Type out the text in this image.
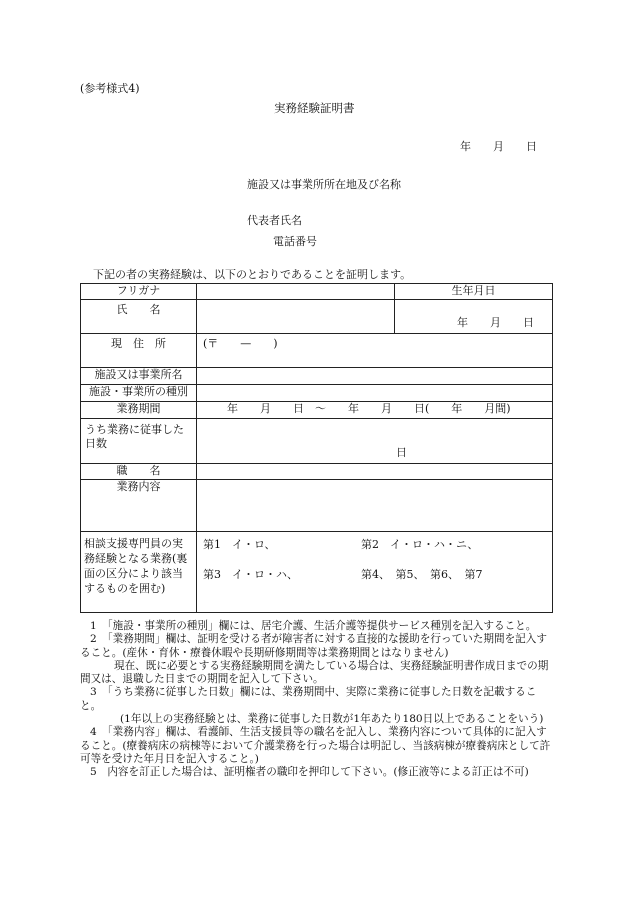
(参考様式4)
実務経験証明書
年　　月　　日
施設又は事業所所在地及び名称
代表者氏名
電話番号
下記の者の実務経験は、以下のとおりであることを証明します。
フリガナ		生年月日
氏　　名		年　　月　　日
現　住　所	(〒　　—　　)	
施設又は事業所名		
施設・事業所の種別		
業務期間	年　　月　　日　〜　　年　　月　　日(　　年　　月間)	
うち業務に従事した日数	日	
職　　名		
業務内容		
相談支援専門員の実務経験となる業務(裏面の区分により該当するものを囲む)	第1　イ・ロ、 第2　イ・ロ・ハ・ニ、
第3　イ・ロ・ハ、 第4、　第5、　第6、　第7	

1　「施設・事業所の種別」欄には、居宅介護、生活介護等提供サービス種別を記入すること。

2　「業務期間」欄は、証明を受ける者が障害者に対する直接的な援助を行っていた期間を記入すること。(産休・育休・療養休暇や長期研修期間等は業務期間とはなりません)

現在、既に必要とする実務経験期間を満たしている場合は、実務経験証明書作成日までの期間又は、退職した日までの期間を記入して下さい。

3　「うち業務に従事した日数」欄には、業務期間中、実際に業務に従事した日数を記載すること。

(1年以上の実務経験とは、業務に従事した日数が1年あたり180日以上であることをいう)

4　「業務内容」欄は、看護師、生活支援員等の職名を記入し、業務内容について具体的に記入すること。(療養病床の病棟等において介護業務を行った場合は明記し、当該病棟が療養病床として許可等を受けた年月日を記入すること。)

5　内容を訂正した場合は、証明権者の職印を押印して下さい。(修正液等による訂正は不可)
